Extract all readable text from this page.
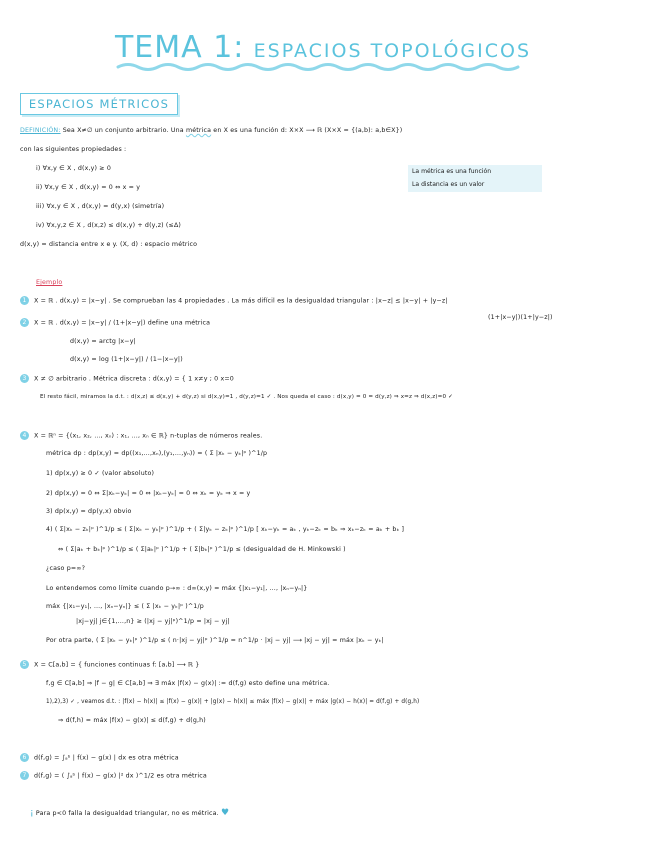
TEMA 1: ESPACIOS TOPOLÓGICOS
ESPACIOS MÉTRICOS
DEFINICIÓN: Sea X≠∅ un conjunto arbitrario. Una métrica en X es una función d: X×X ⟶ ℝ (X×X = {(a,b): a,b∈X})
con las siguientes propiedades :
i) ∀x,y ∈ X , d(x,y) ≥ 0
ii) ∀x,y ∈ X , d(x,y) = 0 ⇔ x = y
iii) ∀x,y ∈ X , d(x,y) = d(y,x) (simetría)
iv) ∀x,y,z ∈ X , d(x,z) ≤ d(x,y) + d(y,z) (≤∆)
d(x,y) = distancia entre x e y. (X, d) : espacio métrico
La métrica es una función
La distancia es un valor
Ejemplo
1 X = ℝ . d(x,y) = |x−y| . Se comprueban las 4 propiedades . La más difícil es la desigualdad triangular : |x−z| ≤ |x−y| + |y−z|
2 X = ℝ . d(x,y) = |x−y| / (1+|x−y|) define una métrica
(1+|x−y|)(1+|y−z|)
d(x,y) = arctg |x−y|
d(x,y) = log (1+|x−y|) / (1−|x−y|)
3 X ≠ ∅ arbitrario . Métrica discreta : d(x,y) = { 1 x≠y ; 0 x=0
El resto fácil, miramos la d.t. : d(x,z) ≤ d(x,y) + d(y,z) si d(x,y)=1 , d(y,z)=1 ✓ . Nos queda el caso : d(x,y) = 0 = d(y,z) ⇒ x=z ⇒ d(x,z)=0 ✓
4 X = ℝⁿ = {(x₁, x₂, …, xₙ) : x₁, …, xₙ ∈ ℝ} n-tuplas de números reales.
métrica dp : dp(x,y) = dp((x₁,…,xₙ),(y₁,…,yₙ)) = ( Σ |xₖ − yₖ|ᵖ )^1/p
1) dp(x,y) ≥ 0 ✓ (valor absoluto)
2) dp(x,y) = 0 ⇔ Σ|xₖ−yₖ| = 0 ⇔ |xₖ−yₖ| = 0 ⇔ xₖ = yₖ ⇒ x = y
3) dp(x,y) = dp(y,x) obvio
4) ( Σ|xₖ − zₖ|ᵖ )^1/p ≤ ( Σ|xₖ − yₖ|ᵖ )^1/p + ( Σ|yₖ − zₖ|ᵖ )^1/p [ xₖ−yₖ = aₖ , yₖ−zₖ = bₖ ⇒ xₖ−zₖ = aₖ + bₖ ]
⇔ ( Σ|aₖ + bₖ|ᵖ )^1/p ≤ ( Σ|aₖ|ᵖ )^1/p + ( Σ|bₖ|ᵖ )^1/p ≤ (desigualdad de H. Minkowski )
¿caso p=∞?
Lo entendemos como límite cuando p→∞ : d∞(x,y) = máx {|x₁−y₁|, …, |xₙ−yₙ|}
máx {|x₁−y₁|, …, |xₙ−yₙ|} ≤ ( Σ |xₖ − yₖ|ᵖ )^1/p
|xj−yj| j∈{1,…,n} ≥ (|xj − yj|ᵖ)^1/p = |xj − yj|
Por otra parte, ( Σ |xₖ − yₖ|ᵖ )^1/p ≤ ( n·|xj − yj|ᵖ )^1/p = n^1/p · |xj − yj| ⟶ |xj − yj| = máx |xₖ − yₖ|
5 X = C[a,b] = { funciones continuas f: [a,b] ⟶ ℝ }
f,g ∈ C[a,b] ⇒ |f − g| ∈ C[a,b] ⇒ ∃ máx |f(x) − g(x)| := d(f,g) esto define una métrica.
1),2),3) ✓ , veamos d.t. : |f(x) − h(x)| ≤ |f(x) − g(x)| + |g(x) − h(x)| ≤ máx |f(x) − g(x)| + máx |g(x) − h(x)| = d(f,g) + d(g,h)
⇒ d(f,h) = máx |f(x) − g(x)| ≤ d(f,g) + d(g,h)
6 d(f,g) = ∫ₐᵇ | f(x) − g(x) | dx es otra métrica
7 d(f,g) = ( ∫ₐᵇ | f(x) − g(x) |² dx )^1/2 es otra métrica
¡ Para p<0 falla la desigualdad triangular, no es métrica. ♥
